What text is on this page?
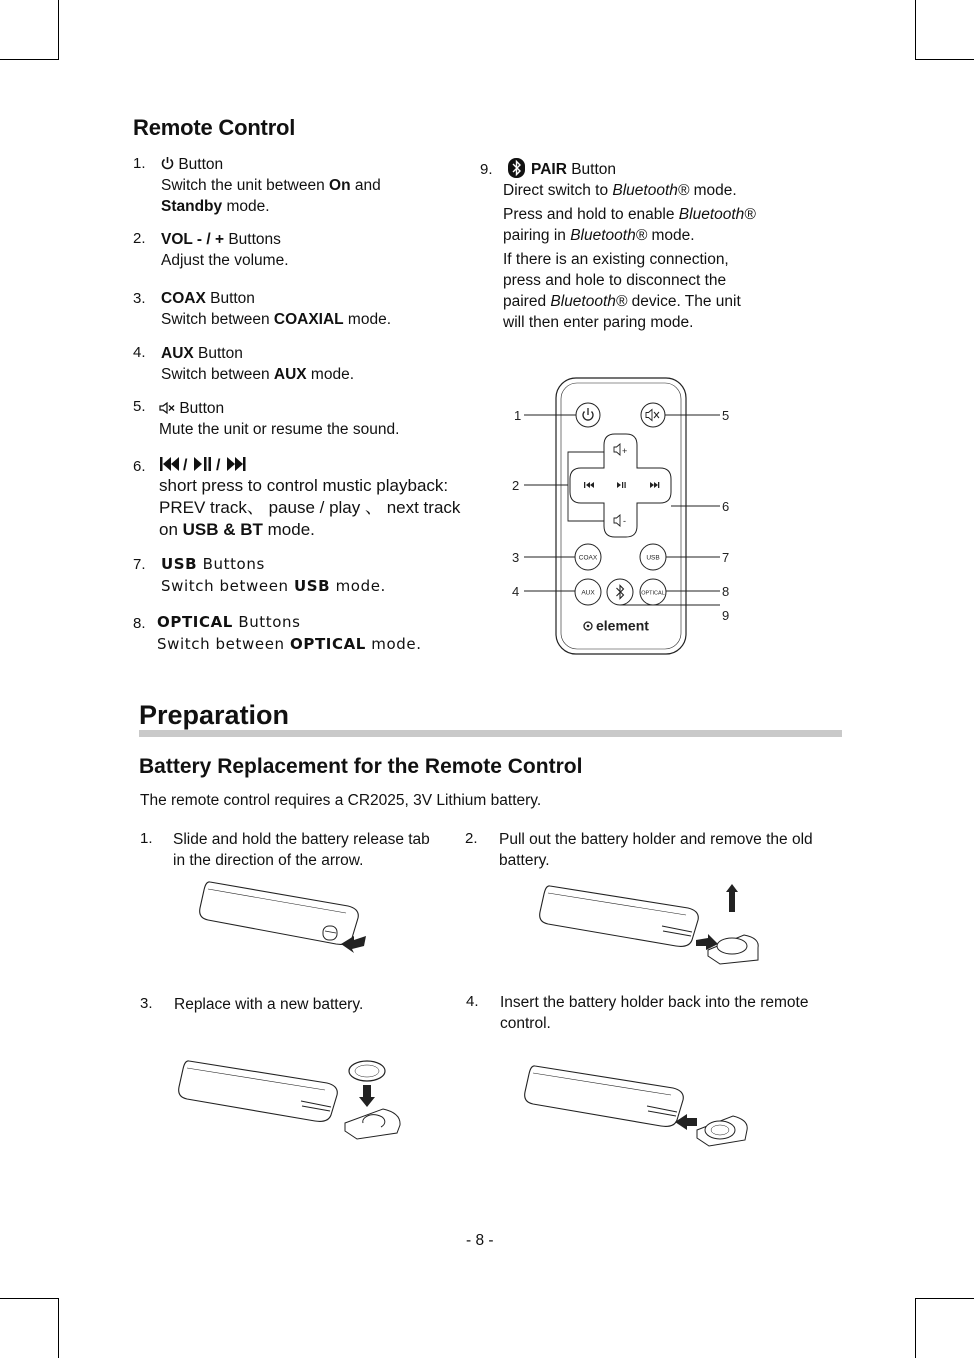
Remote Control
1.	Button
Switch the unit between On and
Standby mode.
2. VOL - / + Buttons
Adjust the volume.
3. COAX Button
Switch between COAXIAL mode.
4. AUX Button
Switch between AUX mode.
5.	Button
Mute the unit or resume the sound.
6. / /
short press to control mustic playback:
PREV track、 pause / play 、 next track
on USB & BT mode.
7. USB Buttons
Switch between USB mode.
8. OPTICAL Buttons
Switch between OPTICAL mode.
9.	PAIR Button
Direct switch to Bluetooth® mode.
Press and hold to enable Bluetooth®
pairing in Bluetooth® mode.
If there is an existing connection,
press and hole to disconnect the
paired Bluetooth® device. The unit
will then enter paring mode.
+
-
COAX	USB
AUX	OPTICAL
element
1
2
3
4
5
6
7
8
9
Preparation
Battery Replacement for the Remote Control
The remote control requires a CR2025, 3V Lithium battery.
1. Slide and hold the battery release tab
in the direction of the arrow.
2. Pull out the battery holder and remove the old
battery.
3. Replace with a new battery.	4. Insert the battery holder back into the remote
control.
- 8 -
